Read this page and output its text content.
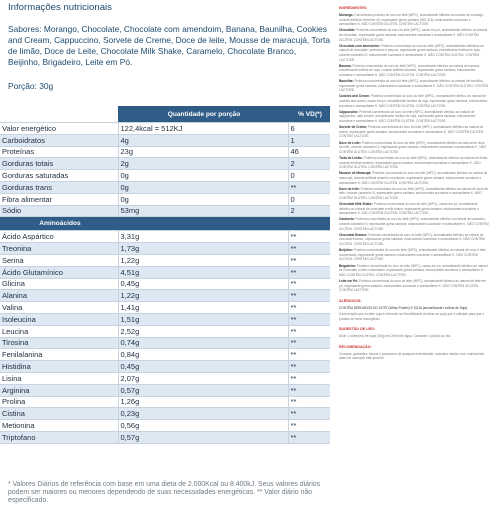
Informações nutricionais
Sabores: Morango, Chocolate, Chocolate com amendoim, Banana, Baunilha, Cookies and Cream, Cappuccino, Sorvete de Creme, Doce de leite, Mousse de maracujá, Torta de limão, Doce de Leite, Chocolate Milk Shake, Caramelo, Chocolate Branco, Beijinho, Brigadeiro, Leite em Pó.
Porção: 30g
	Quantidade por porção	% VD(*)
Valor energético	122,4kcal = 512KJ	6
Carboidratos	4g	1
Proteínas	23g	46
Gorduras totais	2g	2
Gorduras saturadas	0g	0
Gorduras trans	0g	**
Fibra alimentar	0g	0
Sódio	53mg	2
Aminoácidos		
Ácido Aspártico	3,31g	**
Treonina	1,73g	**
Serina	1,22g	**
Ácido Glutamínico	4,51g	**
Glicina	0,45g	**
Alanina	1,22g	**
Valina	1,41g	**
Isoleucina	1,51g	**
Leucina	2,52g	**
Tirosina	0,74g	**
Fenilalanina	0,84g	**
Histidina	0,45g	**
Lisina	2,07g	**
Arginina	0,57g	**
Prolina	1,26g	**
Cistina	0,23g	**
Metionina	0,56g	**
Triptofano	0,57g	**
* Valores Diários de referência com base em uma dieta de 2.000Kcal ou 8.400kJ. Seus valores diários podem ser maiores ou menores dependendo de suas necessidades energéticas. ** Valor diário não especificado.
INGREDIENTES:
Morango: Concentrado proteico do soro do leite (WPC), aromatizante idêntico ao natural de morango, corante artificial vermelho 40, espessante goma xantana (INS 415), edulcorantes sucralose e acessulfame K. NÃO CONTÉM GLÚTEN. CONTÉM LACTOSE.
Chocolate: Proteína concentrada do soro do leite (WPC), cacau em pó, aromatizante idêntico ao natural de chocolate, espessante goma xantana, edulcorantes sucralose e acessulfame K. NÃO CONTÉM GLÚTEN. CONTÉM LACTOSE.
Chocolate com amendoim: Proteína concentrada do soro do leite (WPC), aromatizantes idênticos ao natural de chocolate, amendoim e paçoca, espessante goma xantana, emulsificante lecitina de soja, corante caramelo IV, edulcorantes sucralose e acessulfame K. NÃO CONTÉM GLÚTEN. CONTÉM LACTOSE.
Banana: Proteína concentrada do soro do leite (WPC), aromatizante idêntico ao natural de banana, emulsificante lecitina de soja, corante artificial amarelo, espessante goma xantana, edulcorantes sucralose e acessulfame K. NÃO CONTÉM GLÚTEN. CONTÉM LACTOSE.
Baunilha: Proteína concentrada do soro do leite (WPC), aromatizante idêntico ao natural de baunilha, espessante goma xantana, edulcorantes sucralose e acessulfame K. NÃO CONTÉM GLÚTEN. CONTÉM LACTOSE.
Cookies and Cream: Proteína concentrada do soro do leite (WPC), aromatizante idêntico ao natural de cookies and cream, cacau em pó, emulsificante lecitina de soja, espessante goma xantana, edulcorantes sucralose e acessulfame K. NÃO CONTÉM GLÚTEN. CONTÉM LACTOSE.
Cappuccino: Proteína concentrada do soro do leite (WPC), aromatizante idêntico ao natural de cappuccino, café solúvel, emulsificante lecitina de soja, espessante goma xantana, edulcorantes sucralose e acessulfame K. NÃO CONTÉM GLÚTEN. CONTÉM LACTOSE.
Sorvete de Creme: Proteína concentrada do soro do leite (WPC), aromatizante idêntico ao natural de creme, espessante goma xantana, edulcorantes sucralose e acessulfame K. NÃO CONTÉM GLÚTEN. CONTÉM LACTOSE.
Doce de Leite: Proteína concentrada do soro do leite (WPC), aromatizante idêntico ao natural de doce de leite, corante caramelo IV, espessante goma xantana, edulcorantes sucralose e acessulfame K. NÃO CONTÉM GLÚTEN. CONTÉM LACTOSE.
Torta de Limão: Proteína concentrada do soro do leite (WPC), aromatizante idêntico ao natural de limão, corante artificial amarelo, espessante goma xantana, edulcorantes sucralose e acessulfame K. NÃO CONTÉM GLÚTEN. CONTÉM LACTOSE.
Mousse de Maracujá: Proteína concentrada do soro do leite (WPC), aromatizante idêntico ao natural de maracujá, corante artificial amarelo crepúsculo, espessante goma xantana, edulcorantes sucralose e acessulfame K. NÃO CONTÉM GLÚTEN. CONTÉM LACTOSE.
Doce de leite: Proteína concentrada do soro do leite (WPC), aromatizante idêntico ao natural de doce de leite, corante caramelo IV, espessante goma xantana, edulcorantes sucralose e acessulfame K. NÃO CONTÉM GLÚTEN. CONTÉM LACTOSE.
Chocolate Milk Shake: Proteína concentrada do soro do leite (WPC), cacau em pó, aromatizante idêntico ao natural de chocolate e milk shake, espessante goma xantana, edulcorantes sucralose e acessulfame K. NÃO CONTÉM GLÚTEN. CONTÉM LACTOSE.
Caramelo: Proteína concentrada do soro do leite (WPC), aromatizante idêntico ao natural de caramelo, corante caramelo IV, espessante goma xantana, edulcorantes sucralose e acessulfame K. NÃO CONTÉM GLÚTEN. CONTÉM LACTOSE.
Chocolate Branco: Proteína concentrada do soro do leite (WPC), aromatizante idêntico ao natural de chocolate branco, espessante goma xantana, edulcorantes sucralose e acessulfame K. NÃO CONTÉM GLÚTEN. CONTÉM LACTOSE.
Beijinho: Proteína concentrada do soro do leite (WPC), aromatizante idêntico ao natural de coco e leite condensado, espessante goma xantana, edulcorantes sucralose e acessulfame K. NÃO CONTÉM GLÚTEN. CONTÉM LACTOSE.
Brigadeiro: Proteína concentrada do soro do leite (WPC), cacau em pó, aromatizante idêntico ao natural de chocolate e leite condensado, espessante goma xantana, edulcorantes sucralose e acessulfame K. NÃO CONTÉM GLÚTEN. CONTÉM LACTOSE.
Leite em Pó: Proteína concentrada do soro do leite (WPC), aromatizante idêntico ao natural de leite em pó, espessante goma xantana, edulcorantes sucralose e acessulfame K. NÃO CONTÉM GLÚTEN. CONTÉM LACTOSE.
ALÉRGICOS:
CONTÉM DERIVADOS DO LEITE (Whey Protein) E SOJA (emulsificante Lecitina de Soja).
A informação que contém soja é referente ao Emulsificante (lecitina de soja) que é utilizado para que o produto se torne homogêneo.
SUGESTÃO DE USO:
Diluir 1 colher(es) de sopa (30g) em 200ml de água. Consumir 1 porção ao dia.
RECOMENDAÇÃO:
Crianças, gestantes, idosos e portadores de qualquer enfermidade, consultar médico e/ou nutricionista antes de consumir este produto.
